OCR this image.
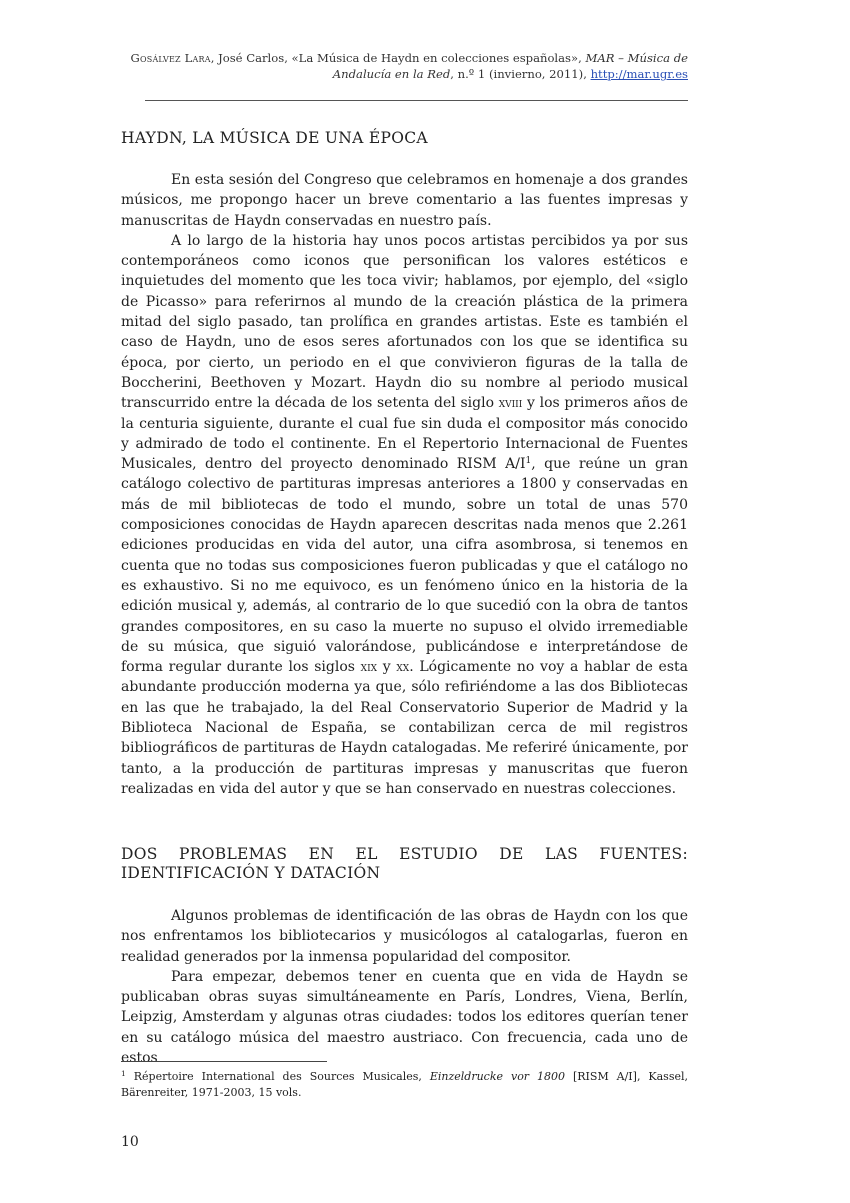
Gosálvez Lara, José Carlos, «La Música de Haydn en colecciones españolas», MAR – Música de
Andalucía en la Red, n.º 1 (invierno, 2011), http://mar.ugr.es
HAYDN, LA MÚSICA DE UNA ÉPOCA

En esta sesión del Congreso que celebramos en homenaje a dos grandes músicos, me propongo hacer un breve comentario a las fuentes impresas y manuscritas de Haydn conservadas en nuestro país.

A lo largo de la historia hay unos pocos artistas percibidos ya por sus contemporáneos como iconos que personifican los valores estéticos e inquietudes del momento que les toca vivir; hablamos, por ejemplo, del «siglo de Picasso» para referirnos al mundo de la creación plástica de la primera mitad del siglo pasado, tan prolífica en grandes artistas. Este es también el caso de Haydn, uno de esos seres afortunados con los que se identifica su época, por cierto, un periodo en el que convivieron figuras de la talla de Boccherini, Beethoven y Mozart. Haydn dio su nombre al periodo musical transcurrido entre la década de los setenta del siglo xviii y los primeros años de la centuria siguiente, durante el cual fue sin duda el compositor más conocido y admirado de todo el continente. En el Repertorio Internacional de Fuentes Musicales, dentro del proyecto denominado RISM $A/I^1$, que reúne un gran catálogo colectivo de partituras impresas anteriores a 1800 y conservadas en más de mil bibliotecas de todo el mundo, sobre un total de unas 570 composiciones conocidas de Haydn aparecen descritas nada menos que 2.261 ediciones producidas en vida del autor, una cifra asombrosa, si tenemos en cuenta que no todas sus composiciones fueron publicadas y que el catálogo no es exhaustivo. Si no me equivoco, es un fenómeno único en la historia de la edición musical y, además, al contrario de lo que sucedió con la obra de tantos grandes compositores, en su caso la muerte no supuso el olvido irremediable de su música, que siguió valorándose, publicándose e interpretándose de forma regular durante los siglos xix y xx. Lógicamente no voy a hablar de esta abundante producción moderna ya que, sólo refiriéndome a las dos Bibliotecas en las que he trabajado, la del Real Conservatorio Superior de Madrid y la Biblioteca Nacional de España, se contabilizan cerca de mil registros bibliográficos de partituras de Haydn catalogadas. Me referiré únicamente, por tanto, a la producción de partituras impresas y manuscritas que fueron realizadas en vida del autor y que se han conservado en nuestras colecciones.

DOS PROBLEMAS EN EL ESTUDIO DE LAS FUENTES:
IDENTIFICACIÓN Y DATACIÓN

Algunos problemas de identificación de las obras de Haydn con los que nos enfrentamos los bibliotecarios y musicólogos al catalogarlas, fueron en realidad generados por la inmensa popularidad del compositor.

Para empezar, debemos tener en cuenta que en vida de Haydn se publicaban obras suyas simultáneamente en París, Londres, Viena, Berlín, Leipzig, Amsterdam y algunas otras ciudades: todos los editores querían tener en su catálogo música del maestro austriaco. Con frecuencia, cada uno de estos

$^1$ Répertoire International des Sources Musicales, Einzeldrucke vor 1800 [RISM A/I], Kassel, Bärenreiter, 1971-2003, 15 vols.
10
